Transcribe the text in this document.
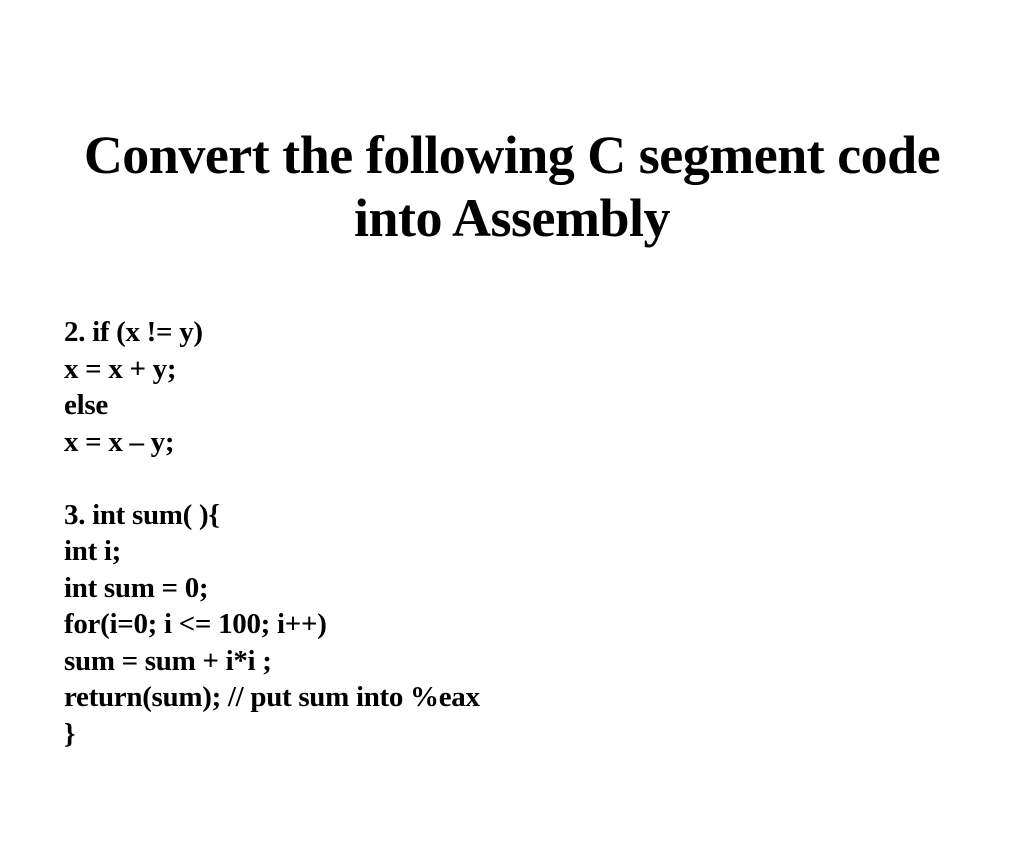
Convert the following C segment code
into Assembly
2. if (x != y)
x = x + y;
else
x = x – y;
3. int sum( ){
int i;
int sum = 0;
for(i=0; i <= 100; i++)
sum = sum + i*i ;
return(sum); // put sum into %eax
}
